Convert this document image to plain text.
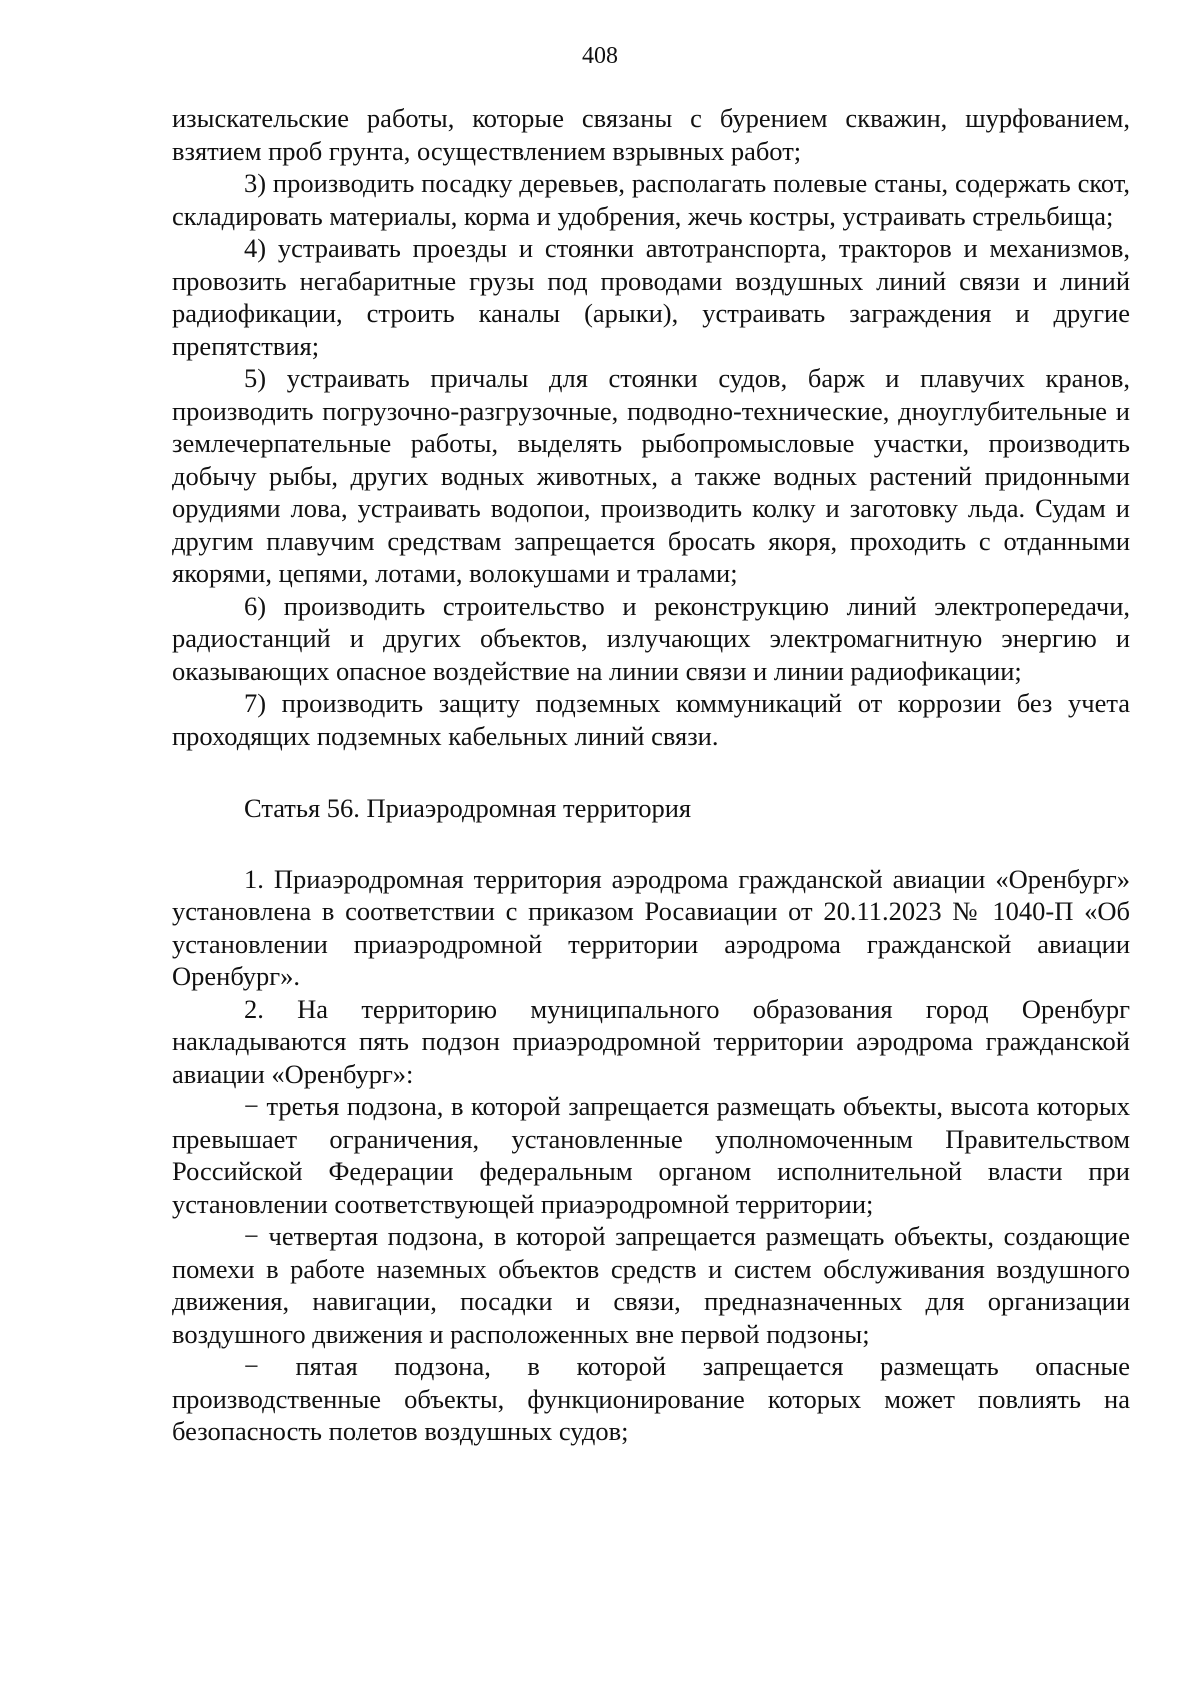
408

изыскательские работы, которые связаны с бурением скважин, шурфованием, взятием проб грунта, осуществлением взрывных работ;

3) производить посадку деревьев, располагать полевые станы, содержать скот, складировать материалы, корма и удобрения, жечь костры, устраивать стрельбища;

4) устраивать проезды и стоянки автотранспорта, тракторов и механизмов, провозить негабаритные грузы под проводами воздушных линий связи и линий радиофикации, строить каналы (арыки), устраивать заграждения и другие препятствия;

5) устраивать причалы для стоянки судов, барж и плавучих кранов, производить погрузочно-разгрузочные, подводно-технические, дноуглубительные и землечерпательные работы, выделять рыбопромысловые участки, производить добычу рыбы, других водных животных, а также водных растений придонными орудиями лова, устраивать водопои, производить колку и заготовку льда. Судам и другим плавучим средствам запрещается бросать якоря, проходить с отданными якорями, цепями, лотами, волокушами и тралами;

6) производить строительство и реконструкцию линий электропередачи, радиостанций и других объектов, излучающих электромагнитную энергию и оказывающих опасное воздействие на линии связи и линии радиофикации;

7) производить защиту подземных коммуникаций от коррозии без учета проходящих подземных кабельных линий связи.

Статья 56. Приаэродромная территория

1. Приаэродромная территория аэродрома гражданской авиации «Оренбург» установлена в соответствии с приказом Росавиации от 20.11.2023 № 1040-П «Об установлении приаэродромной территории аэродрома гражданской авиации Оренбург».

2. На территорию муниципального образования город Оренбург накладываются пять подзон приаэродромной территории аэродрома гражданской авиации «Оренбург»:

− третья подзона, в которой запрещается размещать объекты, высота которых превышает ограничения, установленные уполномоченным Правительством Российской Федерации федеральным органом исполнительной власти при установлении соответствующей приаэродромной территории;

− четвертая подзона, в которой запрещается размещать объекты, создающие помехи в работе наземных объектов средств и систем обслуживания воздушного движения, навигации, посадки и связи, предназначенных для организации воздушного движения и расположенных вне первой подзоны;

− пятая подзона, в которой запрещается размещать опасные производственные объекты, функционирование которых может повлиять на безопасность полетов воздушных судов;
